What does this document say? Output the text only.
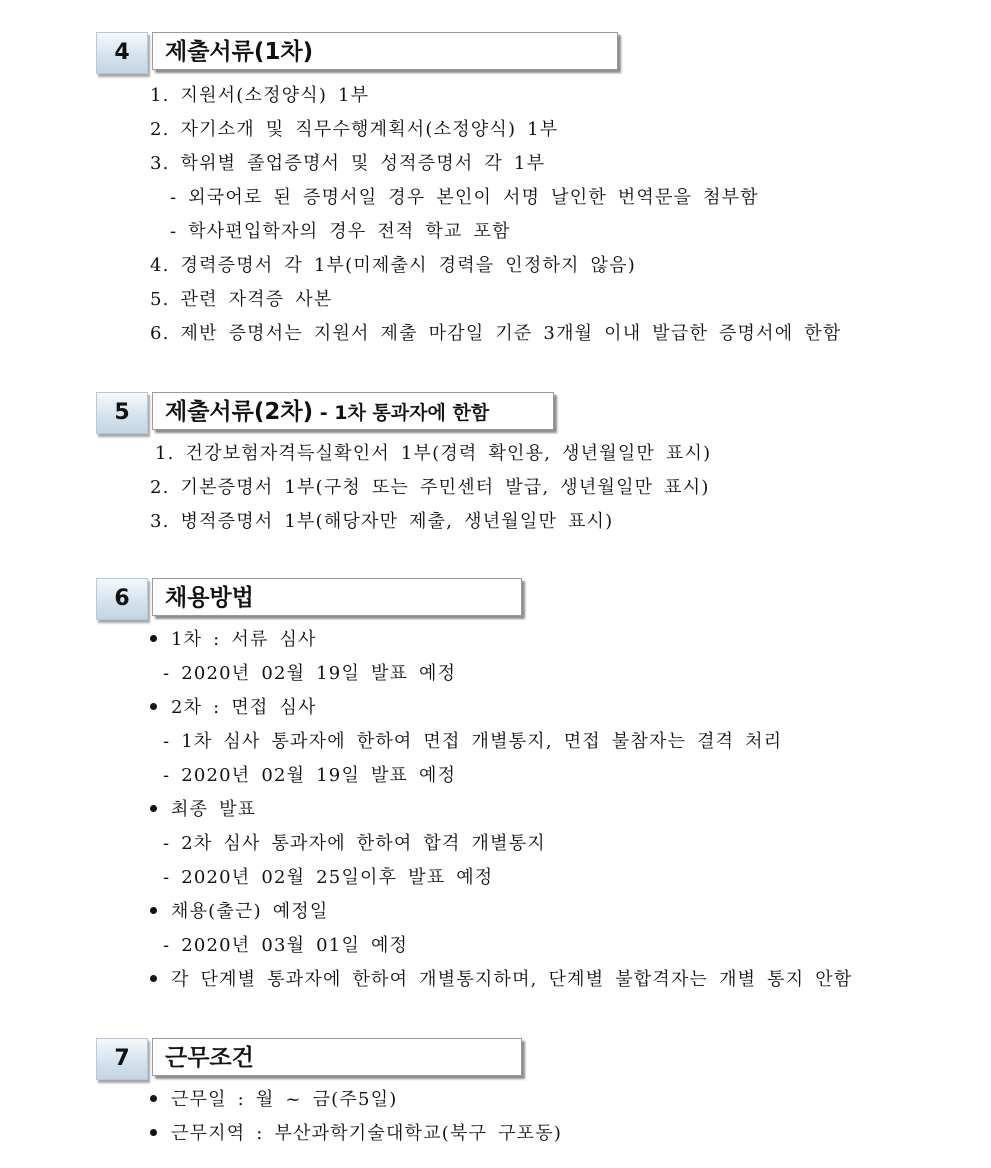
4	제출서류(1차)
1. 지원서(소정양식) 1부
2. 자기소개 및 직무수행계획서(소정양식) 1부
3. 학위별 졸업증명서 및 성적증명서 각 1부
- 외국어로 된 증명서일 경우 본인이 서명 날인한 번역문을 첨부함
- 학사편입학자의 경우 전적 학교 포함
4. 경력증명서 각 1부(미제출시 경력을 인정하지 않음)
5. 관련 자격증 사본
6. 제반 증명서는 지원서 제출 마감일 기준 3개월 이내 발급한 증명서에 한함
5	제출서류(2차) - 1차 통과자에 한함
1. 건강보험자격득실확인서 1부(경력 확인용, 생년월일만 표시)
2. 기본증명서 1부(구청 또는 주민센터 발급, 생년월일만 표시)
3. 병적증명서 1부(해당자만 제출, 생년월일만 표시)
6	채용방법
1차 : 서류 심사
- 2020년 02월 19일 발표 예정
2차 : 면접 심사
- 1차 심사 통과자에 한하여 면접 개별통지, 면접 불참자는 결격 처리
- 2020년 02월 19일 발표 예정
최종 발표
- 2차 심사 통과자에 한하여 합격 개별통지
- 2020년 02월 25일이후 발표 예정
채용(출근) 예정일
- 2020년 03월 01일 예정
각 단계별 통과자에 한하여 개별통지하며, 단계별 불합격자는 개별 통지 안함
7	근무조건
근무일 : 월 ~ 금(주5일)
근무지역 : 부산과학기술대학교(북구 구포동)
